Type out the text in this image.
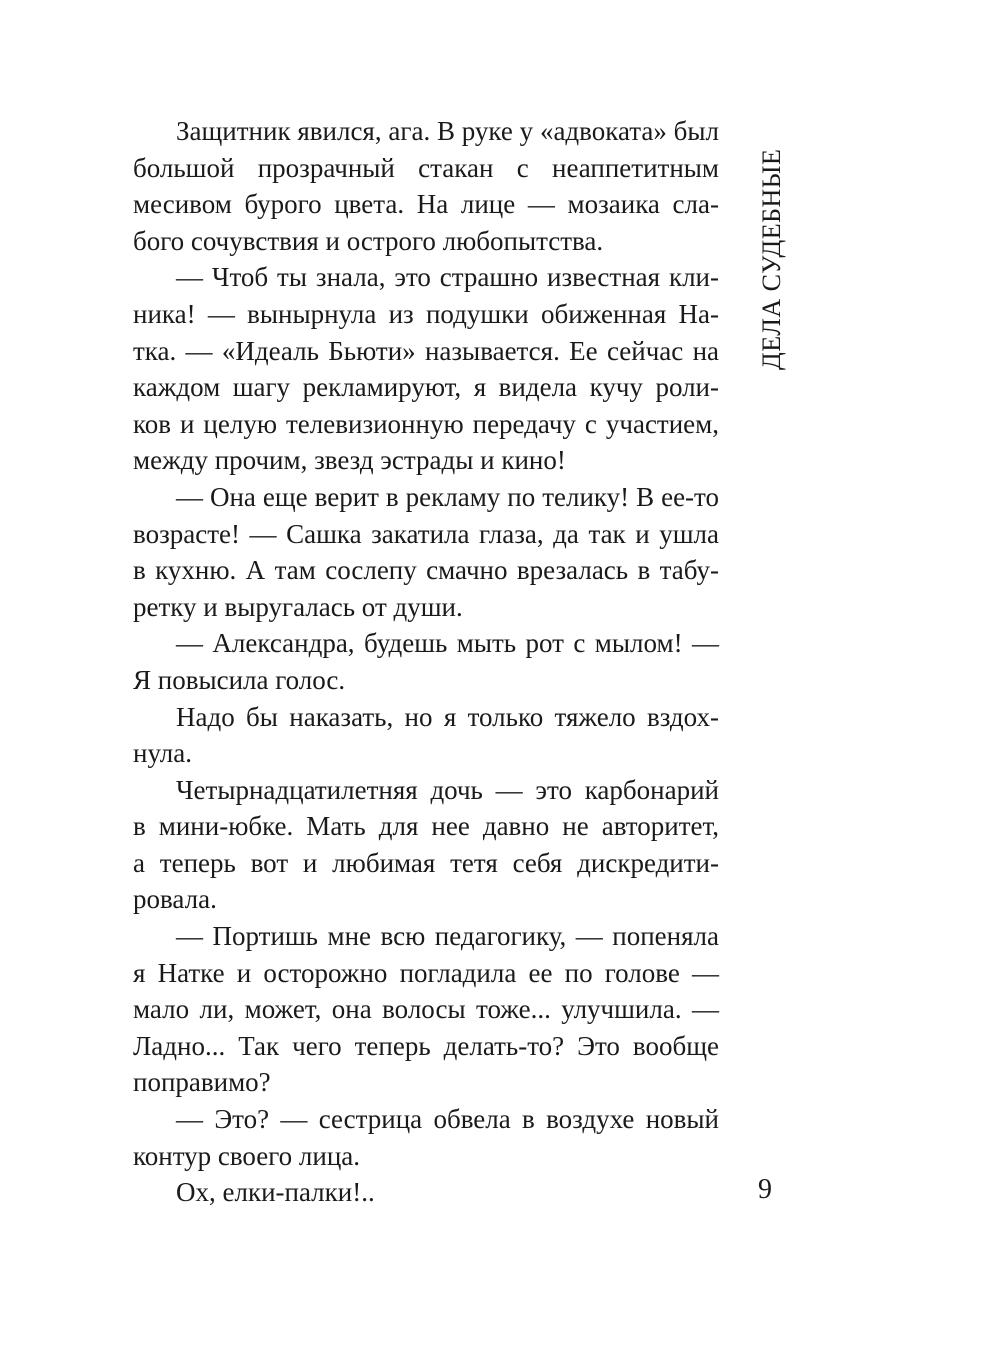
Защитник явился, ага. В руке у «адвоката» был
большой прозрачный стакан с неаппетитным
месивом бурого цвета. На лице — мозаика сла-
бого сочувствия и острого любопытства.
— Чтоб ты знала, это страшно известная кли-
ника! — вынырнула из подушки обиженная На-
тка. — «Идеаль Бьюти» называется. Ее сейчас на
каждом шагу рекламируют, я видела кучу роли-
ков и целую телевизионную передачу с участием,
между прочим, звезд эстрады и кино!
— Она еще верит в рекламу по телику! В ее-то
возрасте! — Сашка закатила глаза, да так и ушла
в кухню. А там сослепу смачно врезалась в табу-
ретку и выругалась от души.
— Александра, будешь мыть рот с мылом! —
Я повысила голос.
Надо бы наказать, но я только тяжело вздох-
нула.
Четырнадцатилетняя дочь — это карбонарий
в мини-юбке. Мать для нее давно не авторитет,
а теперь вот и любимая тетя себя дискредити-
ровала.
— Портишь мне всю педагогику, — попеняла
я Натке и осторожно погладила ее по голове —
мало ли, может, она волосы тоже... улучшила. —
Ладно... Так чего теперь делать-то? Это вообще
поправимо?
— Это? — сестрица обвела в воздухе новый
контур своего лица.
Ох, елки-палки!..
ДЕЛА СУДЕБНЫЕ
9
